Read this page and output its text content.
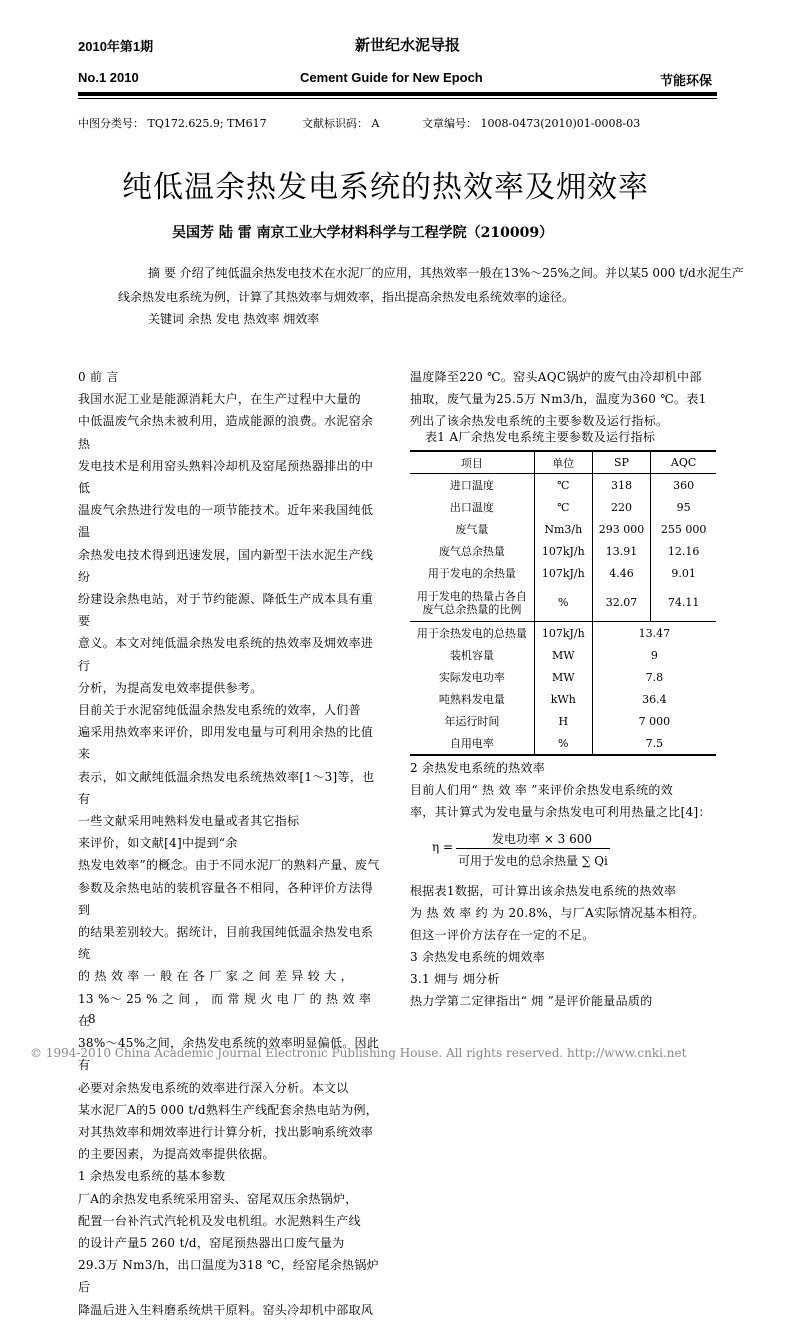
2010年第1期	新世纪水泥导报
No.1 2010	Cement Guide for New Epoch	节能环保
中图分类号： TQ172.625.9; TM617	文献标识码： A	文章编号： 1008-0473(2010)01-0008-03
纯低温余热发电系统的热效率及㶲效率
吴国芳 陆 雷 南京工业大学材料科学与工程学院（210009）
摘 要 介绍了纯低温余热发电技术在水泥厂的应用，其热效率一般在13%～25%之间。并以某5 000 t/d水泥生产
线余热发电系统为例，计算了其热效率与㶲效率，指出提高余热发电系统效率的途径。
关键词 余热 发电 热效率 㶲效率
0 前 言
我国水泥工业是能源消耗大户，在生产过程中大量的
中低温废气余热未被利用，造成能源的浪费。水泥窑余热
发电技术是利用窑头熟料冷却机及窑尾预热器排出的中低
温废气余热进行发电的一项节能技术。近年来我国纯低温
余热发电技术得到迅速发展，国内新型干法水泥生产线纷
纷建设余热电站，对于节约能源、降低生产成本具有重要
意义。本文对纯低温余热发电系统的热效率及㶲效率进行
分析，为提高发电效率提供参考。
目前关于水泥窑纯低温余热发电系统的效率，人们普
遍采用热效率来评价，即用发电量与可利用余热的比值来
表示，如文献纯低温余热发电系统热效率[1～3]等，也有
一些文献采用吨熟料发电量或者其它指标
来评价，如文献[4]中提到“余
热发电效率”的概念。由于不同水泥厂的熟料产量、废气
参数及余热电站的装机容量各不相同，各种评价方法得到
的结果差别较大。据统计，目前我国纯低温余热发电系统
的 热 效 率 一 般 在 各 厂 家 之 间 差 异 较 大 ，
13 %～ 25 % 之 间 ， 而 常 规 火 电 厂 的 热 效 率 在
38%～45%之间，余热发电系统的效率明显偏低。因此有
必要对余热发电系统的效率进行深入分析。本文以
某水泥厂A的5 000 t/d熟料生产线配套余热电站为例，
对其热效率和㶲效率进行计算分析，找出影响系统效率
的主要因素，为提高效率提供依据。
1 余热发电系统的基本参数
厂A的余热发电系统采用窑头、窑尾双压余热锅炉，
配置一台补汽式汽轮机及发电机组。水泥熟料生产线
的设计产量5 260 t/d，窑尾预热器出口废气量为
29.3万 Nm3/h，出口温度为318 ℃，经窑尾余热锅炉后
降温后进入生料磨系统烘干原料。窑头冷却机中部取风
温度降至220 ℃。窑头AQC锅炉的废气由冷却机中部
抽取，废气量为25.5万 Nm3/h，温度为360 ℃。表1
列出了该余热发电系统的主要参数及运行指标。
表1 A厂余热发电系统主要参数及运行指标
项目	单位	SP	AQC
进口温度	℃	318	360
出口温度	℃	220	95
废气量	Nm3/h	293 000	255 000
废气总余热量	107kJ/h	13.91	12.16
用于发电的余热量	107kJ/h	4.46	9.01
用于发电的热量占各自废气总余热量的比例	%	32.07	74.11
用于余热发电的总热量	107kJ/h	13.47	
装机容量	MW	9	
实际发电功率	MW	7.8	
吨熟料发电量	kWh	36.4	
年运行时间	H	7 000	
自用电率	%	7.5	
2 余热发电系统的热效率
目前人们用“ 热 效 率 ”来评价余热发电系统的效
率，其计算式为发电量与余热发电可利用热量之比[4]：
η =
发电功率 × 3 600
可用于发电的总余热量 ∑ Qi
根据表1数据，可计算出该余热发电系统的热效率
为 热 效 率 约 为 20.8%，与厂A实际情况基本相符。
但这一评价方法存在一定的不足。
3 余热发电系统的㶲效率
3.1 㶲与 㶲分析
热力学第二定律指出“ 㶲 ”是评价能量品质的
8
© 1994-2010 China Academic Journal Electronic Publishing House. All rights reserved. http://www.cnki.net
